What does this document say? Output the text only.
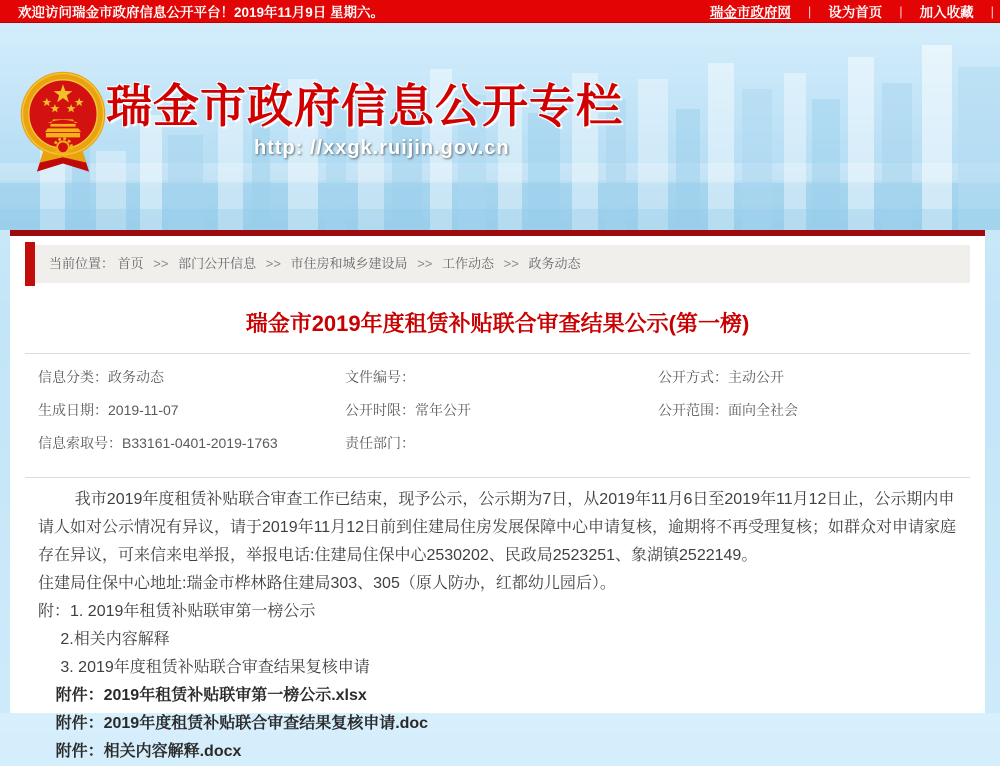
欢迎访问瑞金市政府信息公开平台！2019年11月9日 星期六。	瑞金市政府网	|	设为首页	|	加入收藏	|
瑞金市政府信息公开专栏
http: //xxgk.ruijin.gov.cn
当前位置： 首页 >> 部门公开信息 >> 市住房和城乡建设局 >> 工作动态 >> 政务动态
瑞金市2019年度租赁补贴联合审查结果公示(第一榜)
信息分类：政务动态	文件编号：	公开方式：主动公开
生成日期：2019-11-07	公开时限：常年公开	公开范围：面向全社会
信息索取号：B33161-0401-2019-1763	责任部门：

我市2019年度租赁补贴联合审查工作已结束，现予公示，公示期为7日，从2019年11月6日至2019年11月12日止，公示期内申请人如对公示情况有异议，请于2019年11月12日前到住建局住房发展保障中心申请复核，逾期将不再受理复核；如群众对申请家庭存在异议，可来信来电举报，举报电话:住建局住保中心2530202、民政局2523251、象湖镇2522149。

住建局住保中心地址:瑞金市桦林路住建局303、305（原人防办，红都幼儿园后）。

附：1. 2019年租赁补贴联审第一榜公示

2.相关内容解释

3. 2019年度租赁补贴联合审查结果复核申请

附件：2019年租赁补贴联审第一榜公示.xlsx

附件：2019年度租赁补贴联合审查结果复核申请.doc

附件：相关内容解释.docx
